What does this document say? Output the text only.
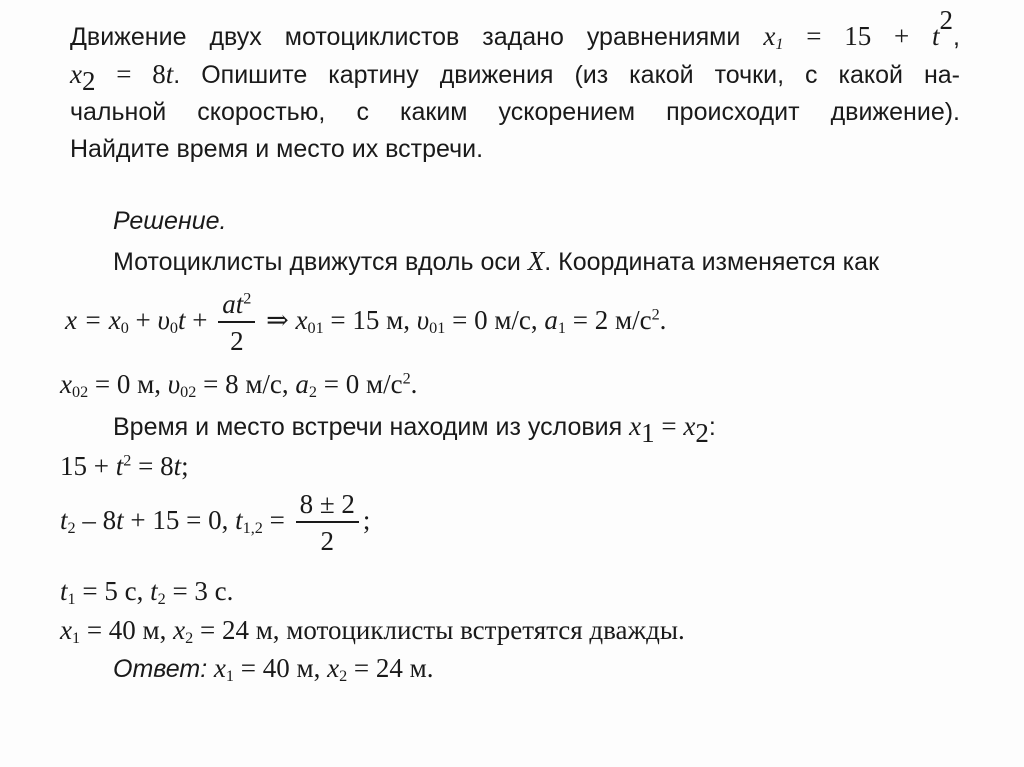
Движение двух мотоциклистов задано уравнениями $x_1 = 15 + t^2$,
$x_2 = 8t$. Опишите картину движения (из какой точки, с какой на-
чальной скоростью, с каким ускорением происходит движение).
Найдите время и место их встречи.
Решение.
Мотоциклисты движутся вдоль оси X. Координата изменяется как
$x = x_0 + \upsilon_0t + \frac{at^2}{2}$ ⇒ $x_{01} = 15$ м, $\upsilon_{01} = 0$ м/с, $a_1 = 2$ $м/с^2$.
$x_{02} = 0$ м, $\upsilon_{02} = 8$ м/с, $a_2 = 0$ $м/с^2$.
Время и место встречи находим из условия $x_1 = x_2$:
$15 + t^2 = 8t$;
$t_2 - 8t + 15 = 0$, $t_{1,2} = \frac{8 \pm 2}{2}$ ;
$t_1 = 5$ с, $t_2 = 3$ с.
$x_1 = 40$ м, $x_2 = 24$ м, мотоциклисты встретятся дважды.
Ответ: $x_1 = 40$ м, $x_2 = 24$ м.
